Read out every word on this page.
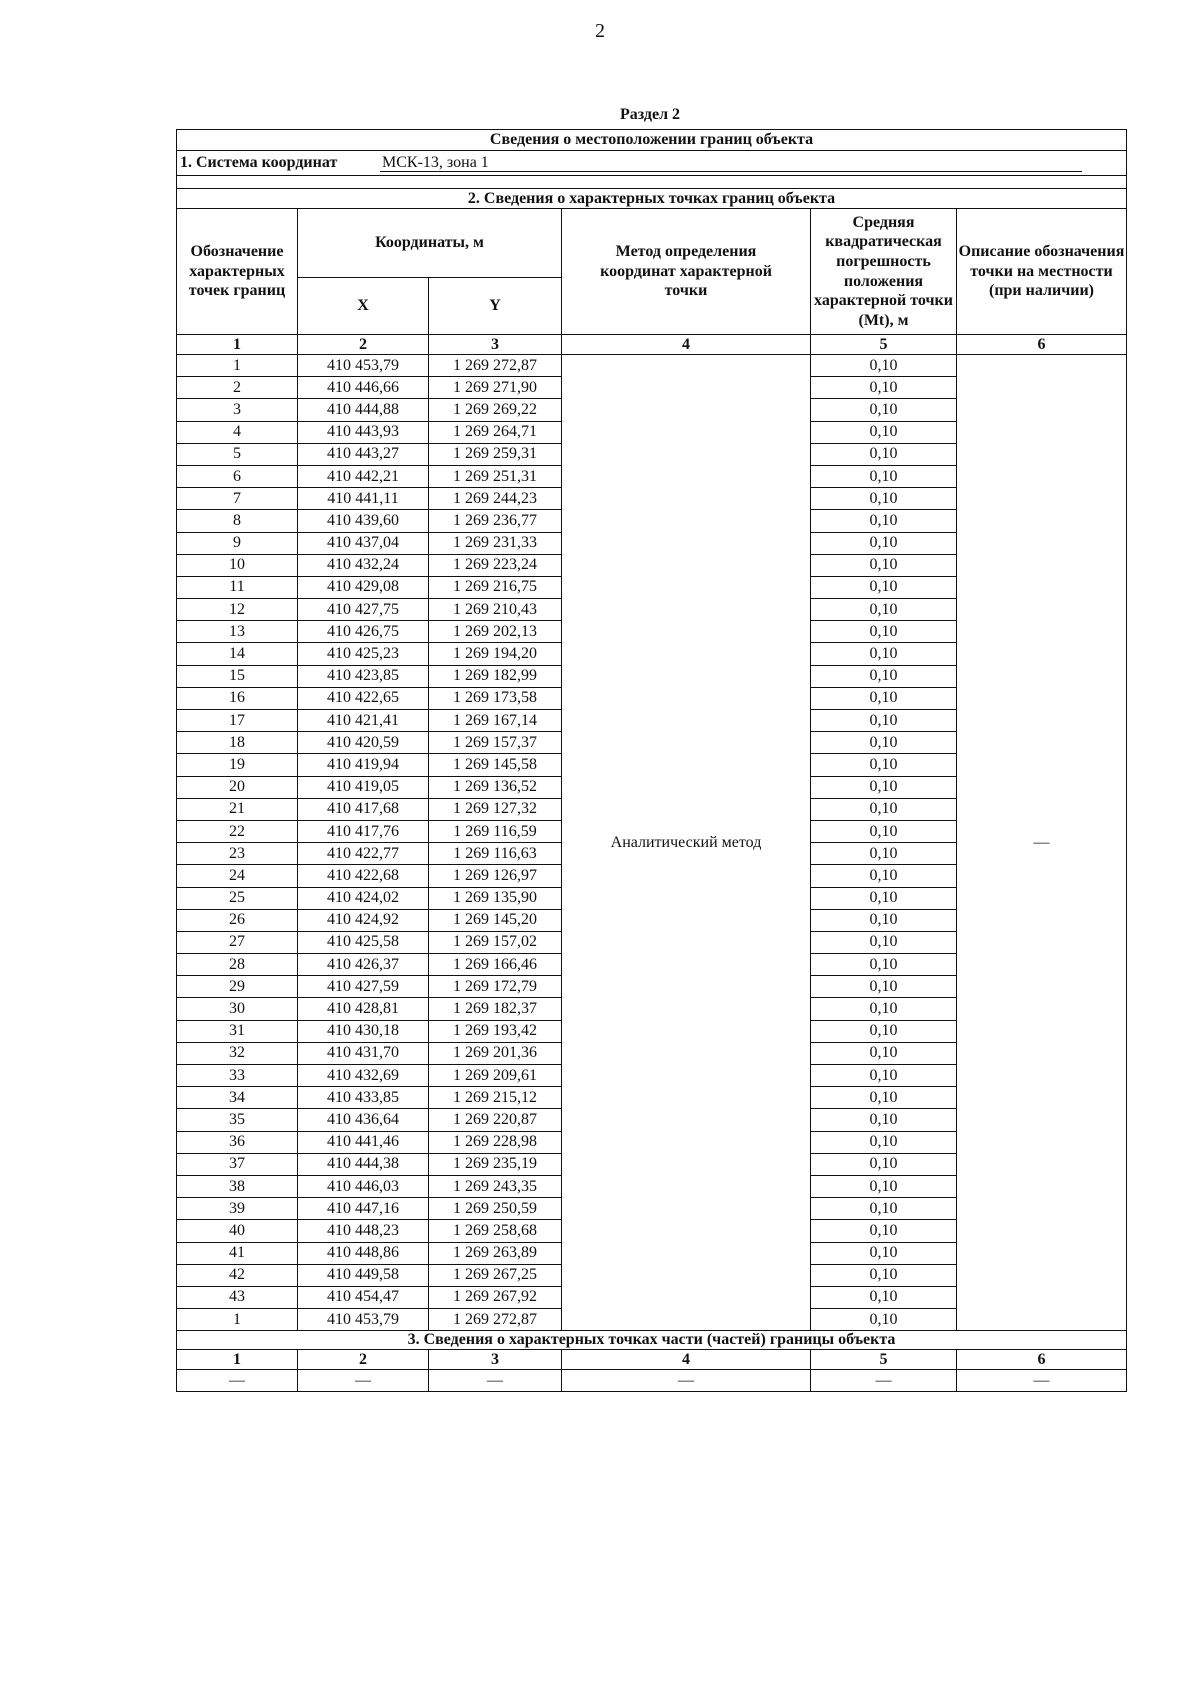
2
Раздел 2
Сведения о местоположении границ объекта					
1. Система координат МСК-13, зона 1					

2. Сведения о характерных точках границ объекта					
Обозначение характерных точек границ	Координаты, м		Метод определения координат характерной точки	Средняя квадратическая погрешность положения характерной точки (Mt), м	Описание обозначения точки на местности (при наличии)
	X	Y			
1	2	3	4	5	6
1	410 453,79	1 269 272,87	Аналитический метод	0,10	—
2	410 446,66	1 269 271,90		0,10	
3	410 444,88	1 269 269,22		0,10	
4	410 443,93	1 269 264,71		0,10	
5	410 443,27	1 269 259,31		0,10	
6	410 442,21	1 269 251,31		0,10	
7	410 441,11	1 269 244,23		0,10	
8	410 439,60	1 269 236,77		0,10	
9	410 437,04	1 269 231,33		0,10	
10	410 432,24	1 269 223,24		0,10	
11	410 429,08	1 269 216,75		0,10	
12	410 427,75	1 269 210,43		0,10	
13	410 426,75	1 269 202,13		0,10	
14	410 425,23	1 269 194,20		0,10	
15	410 423,85	1 269 182,99		0,10	
16	410 422,65	1 269 173,58		0,10	
17	410 421,41	1 269 167,14		0,10	
18	410 420,59	1 269 157,37		0,10	
19	410 419,94	1 269 145,58		0,10	
20	410 419,05	1 269 136,52		0,10	
21	410 417,68	1 269 127,32		0,10	
22	410 417,76	1 269 116,59		0,10	
23	410 422,77	1 269 116,63		0,10	
24	410 422,68	1 269 126,97		0,10	
25	410 424,02	1 269 135,90		0,10	
26	410 424,92	1 269 145,20		0,10	
27	410 425,58	1 269 157,02		0,10	
28	410 426,37	1 269 166,46		0,10	
29	410 427,59	1 269 172,79		0,10	
30	410 428,81	1 269 182,37		0,10	
31	410 430,18	1 269 193,42		0,10	
32	410 431,70	1 269 201,36		0,10	
33	410 432,69	1 269 209,61		0,10	
34	410 433,85	1 269 215,12		0,10	
35	410 436,64	1 269 220,87		0,10	
36	410 441,46	1 269 228,98		0,10	
37	410 444,38	1 269 235,19		0,10	
38	410 446,03	1 269 243,35		0,10	
39	410 447,16	1 269 250,59		0,10	
40	410 448,23	1 269 258,68		0,10	
41	410 448,86	1 269 263,89		0,10	
42	410 449,58	1 269 267,25		0,10	
43	410 454,47	1 269 267,92		0,10	
1	410 453,79	1 269 272,87		0,10	
3. Сведения о характерных точках части (частей) границы объекта					
1	2	3	4	5	6
—	—	—	—	—	—
